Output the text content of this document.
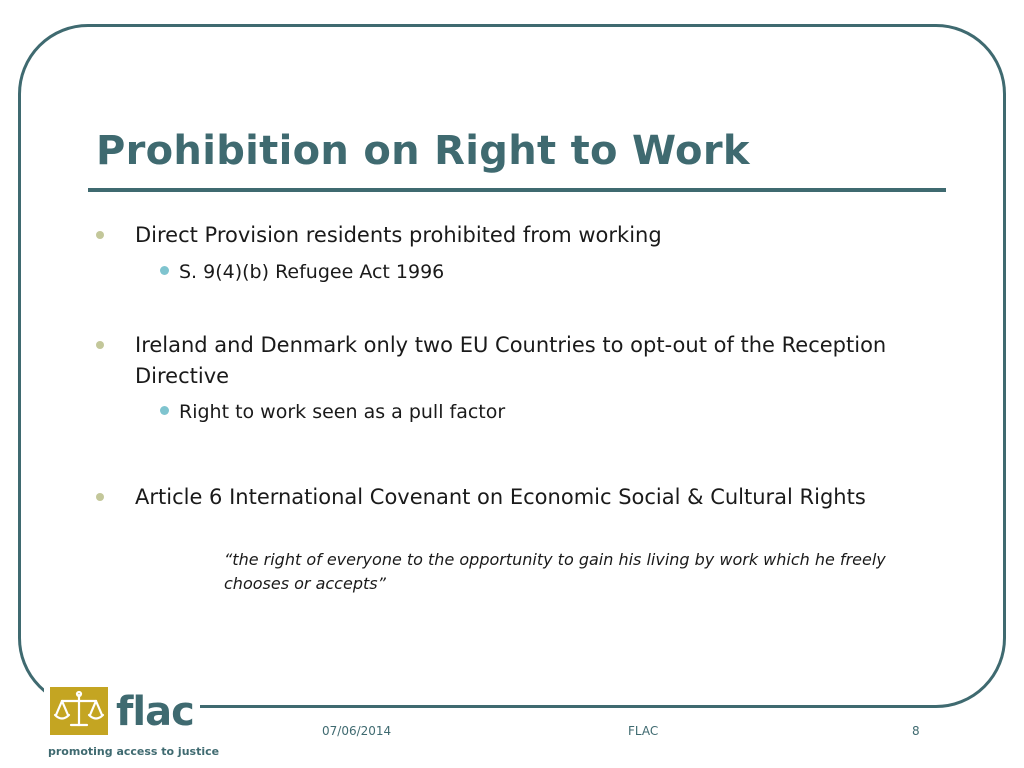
Prohibition on Right to Work
Direct Provision residents prohibited from working
S. 9(4)(b) Refugee Act 1996
Ireland and Denmark only two EU Countries to opt-out of the Reception Directive
Right to work seen as a pull factor
Article 6 International Covenant on Economic Social & Cultural Rights
“the right of everyone to the opportunity to gain his living by work which he freely chooses or accepts”
flac
promoting access to justice
07/06/2014	FLAC	8
